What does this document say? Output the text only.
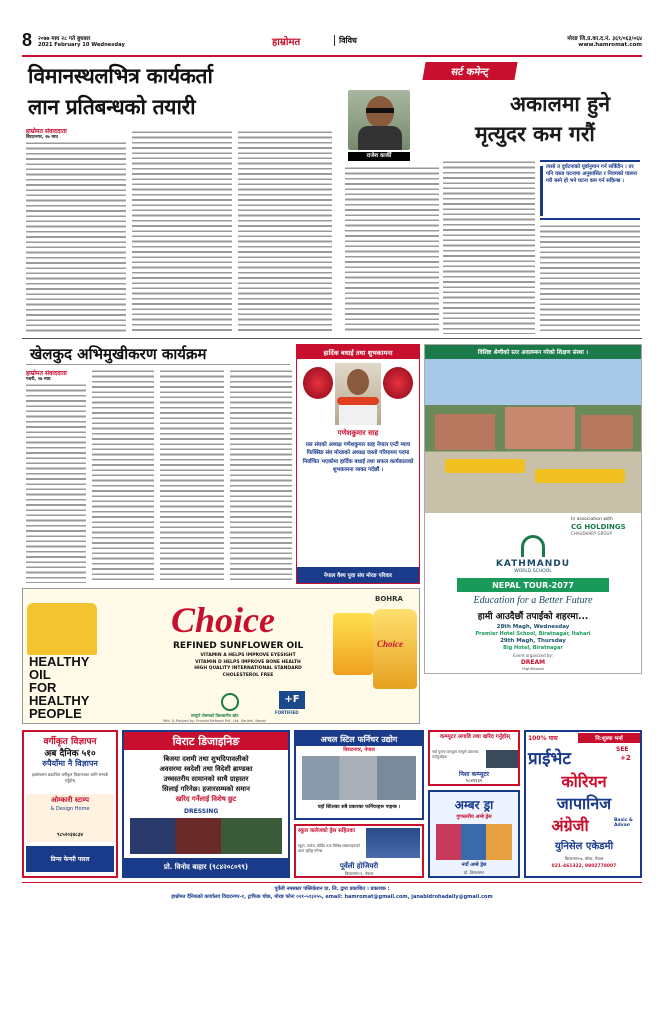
8 २०७७ माघ २८ गते बुधबार
2021 February 10 Wednesday	हाम्रोमत	विविध	मोरङ जि.प्र.का.द.नं. ३६९/०६३/०६४
www.hamromat.com
विमानस्थलभित्र कार्यकर्ता
लान प्रतिबन्धको तयारी
हाम्रोमत संवाददाता
विराटनगर, २७ माघ
सर्ट कमेन्ट्
राजेश कार्की
अकालमा हुने
मृत्युदर कम गरौं
त्यसो त दुर्घटनाको पूर्वानुमान गर्न सकिँदैन । तर पनि यस्ता घटनामा अनुशासित र नियमको पालना गरी बस्ने हो भने घटना कम गर्न सकिन्छ ।
खेलकुद अभिमुखीकरण कार्यक्रम
हाम्रोमत संवाददाता
पथरी, २७ माघ
हार्दिक बधाई तथा शुभकामना
गणेशकुमार साह
यस संघको अध्यक्ष गणेशकुमार साह नेपाल एन्टी म्याच फिक्सिङ संघ मोरङको अध्यक्ष जस्तो गरिमामय पदमा निर्वाचित भएकोमा हार्दिक बधाई तथा सफल कार्यकालको शुभकामना व्यक्त गर्दछौं ।
नेपाल वैश्य युवा संघ मोरङ परिवार
विशिष्ट श्रेणीको स्तर अवलम्बन गरेको शिक्षण संस्था ।
In association with
CG HOLDINGS
CHAUDHARY GROUP
KATHMANDU
WORLD SCHOOL
NEPAL TOUR-2077
Education for a Better Future
हामी आउदैछौं तपाईंको शहरमा...
28th Magh, Wednesday
Premier Hotel School, Biratnagar, Itahari
29th Magh, Thursday
Big Hotel, Biratnagar
Event organized by:
DREAM
HighRepeat
HEALTHY
OIL
FOR
HEALTHY
PEOPLE
Choice
BOHRA
REFINED SUNFLOWER OIL
VITAMIN A HELPS IMPROVE EYESIGHT
VITAMIN D HELPS IMPROVE BONE HEALTH
HIGH QUALITY INTERNATIONAL STANDARD
CHOLESTEROL FREE
Choice
सम्पूर्ण पोषणको विश्वसनीय स्रोत
+F
FORTIFIED
Mfd. & Packed by: Emrald Refined Pvt. Ltd. Sarlahi, Nepal
वर्गीकृत विज्ञापन
अब दैनिक ५१०
रुपैयाँमा नै विज्ञापन
हाम्रोमतमा प्रकाशित वर्गीकृत विज्ञापनका लागि सम्पर्क गर्नुहोस्
ओम्कारी स्टाम्प
& Design Home
९८५२०३४८३४
प्रिन्स फेन्सी पसल
विराट डिजाइनिङ
बिजया दशमी तथा शुभदिपावलीको
अवसरमा स्वदेशी तथा विदेशी ब्राण्डका
उच्चस्तरीय सामानको साथै ग्राहस्तर
सिलाई गरिनेछ। हजारसम्मको समान
खरिद गर्नेलाई विशेष छुट
DRESSING
प्रो. विनोद बाहार (९८४२०८०९९)
अचल स्टिल फर्निचर उद्योग
विराटनगर, नेपाल
यहाँ स्टिलका सबै प्रकारका फर्निचरहरू पाइन्छ ।
स्कूल कलेजको ड्रेस सहितका
स्कूल, कलेज, बोर्डिङ तथा विभिन्न संस्थानहरूको दरगा सूपिङ्ग गरिन्छ
पूर्वेली होजियरी
विराटनगर-१, नेपाल
कम्प्युटर अगाडि तथा खरिद गर्नुहोस्
नयाँ पुराना कम्प्युटर सम्पूर्ण प्रकारका पार्टपुर्जाहरू
निशा कम्प्युटर
९८४१९३१
अम्बर ड्र्रा
गुणस्तरीय अम्बे ड्रेस
नयाँ अम्बे ड्रेस
प्रो. विराटनगर
100% पास	नि:शुल्क भर्ना
प्राईभेट	SEE
+2
कोरियन
जापानिज
अंग्रेजी	Basic & Advan
युनिसेल एकेडमी
विराटनगर-७, मोरङ, नेपाल
021-461322, 9802778007
पूर्वेली नमस्कार पब्लिकेशन प्रा. लि. द्वारा प्रकाशित । प्रकाशक :
हाम्रोमत दैनिकको कार्यालय विराटनगर-१, ट्राफिक चोक, मोरङ फोनः ०२१-५१३२५५, email: hamromat@gmail.com, janabidrohadaily@gmail.com
